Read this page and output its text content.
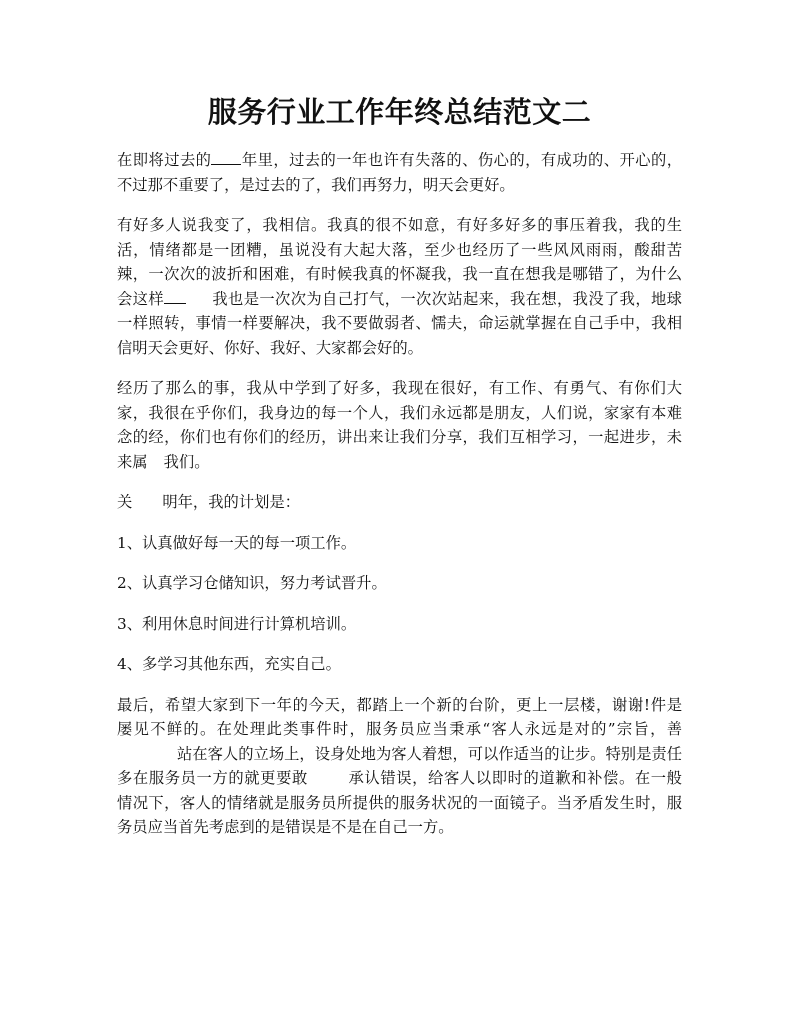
服务行业工作年终总结范文二

在即将过去的 年里，过去的一年也许有失落的、伤心的，有成功的、开心的，
不过那不重要了，是过去的了，我们再努力，明天会更好。

有好多人说我变了，我相信。我真的很不如意，有好多好多的事压着我，我的生
活，情绪都是一团糟，虽说没有大起大落，至少也经历了一些风风雨雨，酸甜苦
辣，一次次的波折和困难，有时候我真的怀凝我，我一直在想我是哪错了，为什么
会这样	我也是一次次为自己打气，一次次站起来，我在想，我没了我，地球
一样照转，事情一样要解决，我不要做弱者、懦夫，命运就掌握在自己手中，我相
信明天会更好、你好、我好、大家都会好的。

经历了那么的事，我从中学到了好多，我现在很好，有工作、有勇气、有你们大
家，我很在乎你们，我身边的每一个人，我们永远都是朋友，人们说，家家有本难
念的经，你们也有你们的经历，讲出来让我们分享，我们互相学习，一起进步，未
来属 我们。

关 明年，我的计划是：

1、认真做好每一天的每一项工作。

2、认真学习仓储知识，努力考试晋升。

3、利用休息时间进行计算机培训。

4、多学习其他东西，充实自己。

最后，希望大家到下一年的今天，都踏上一个新的台阶，更上一层楼，谢谢!件是
屡见不鲜的。在处理此类事件时，服务员应当秉承“客人永远是对的”宗旨，善
站在客人的立场上，设身处地为客人着想，可以作适当的让步。特别是责任
多在服务员一方的就更要敢	承认错误，给客人以即时的道歉和补偿。在一般
情况下，客人的情绪就是服务员所提供的服务状况的一面镜子。当矛盾发生时，服
务员应当首先考虑到的是错误是不是在自己一方。
